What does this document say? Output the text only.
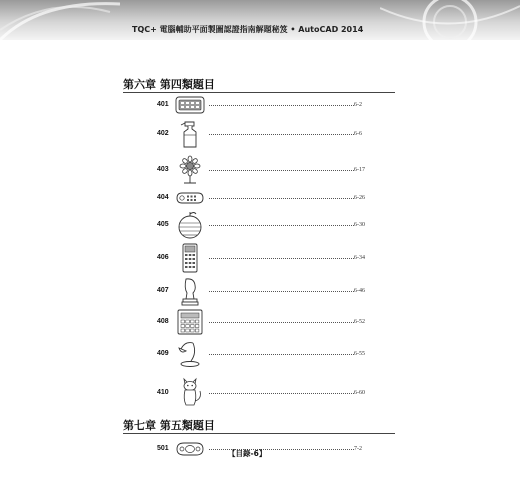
TQC+ 電腦輔助平面製圖認證指南解題秘笈 • AutoCAD 2014
第六章 第四類題目
401	6-2
402	6-6
403	6-17
404	6-26
405	6-30
406	6-34
407	6-46
408	6-52
409	6-55
410	6-60
第七章 第五類題目
501	7-2
【目錄-6】
